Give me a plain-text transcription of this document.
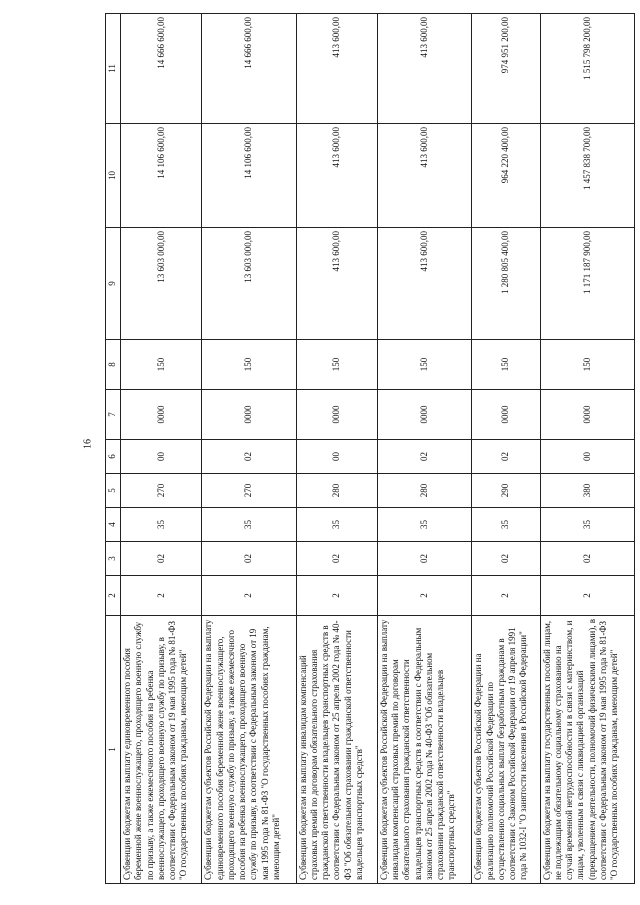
16
1	2	3	4	5	6	7	8	9	10	11
Субвенции бюджетам на выплату единовременного пособия беременной жене военнослужащего, проходящего военную службу по призыву, а также ежемесячного пособия на ребенка военнослужащего, проходящего военную службу по призыву, в соответствии с Федеральным законом от 19 мая 1995 года № 81-ФЗ "О государственных пособиях гражданам, имеющим детей"	2	02	35	270	00	0000	150	13 603 000,00	14 106 600,00	14 666 600,00
Субвенции бюджетам субъектов Российской Федерации на выплату единовременного пособия беременной жене военнослужащего, проходящего военную службу по призыву, а также ежемесячного пособия на ребенка военнослужащего, проходящего военную службу по призыву, в соответствии с Федеральным законом от 19 мая 1995 года № 81-ФЗ "О государственных пособиях гражданам, имеющим детей"	2	02	35	270	02	0000	150	13 603 000,00	14 106 600,00	14 666 600,00
Субвенции бюджетам на выплату инвалидам компенсаций страховых премий по договорам обязательного страхования гражданской ответственности владельцев транспортных средств в соответствии с Федеральным законом от 25 апреля 2002 года № 40-ФЗ "Об обязательном страховании гражданской ответственности владельцев транспортных средств"	2	02	35	280	00	0000	150	413 600,00	413 600,00	413 600,00
Субвенции бюджетам субъектов Российской Федерации на выплату инвалидам компенсаций страховых премий по договорам обязательного страхования гражданской ответственности владельцев транспортных средств в соответствии с Федеральным законом от 25 апреля 2002 года № 40-ФЗ "Об обязательном страховании гражданской ответственности владельцев транспортных средств"	2	02	35	280	02	0000	150	413 600,00	413 600,00	413 600,00
Субвенции бюджетам субъектов Российской Федерации на реализацию полномочий Российской Федерации по осуществлению социальных выплат безработным гражданам в соответствии с Законом Российской Федерации от 19 апреля 1991 года № 1032-I "О занятости населения в Российской Федерации"	2	02	35	290	02	0000	150	1 280 805 400,00	964 220 400,00	974 951 200,00
Субвенции бюджетам на выплату государственных пособий лицам, не подлежащим обязательному социальному страхованию на случай временной нетрудоспособности и в связи с материнством, и лицам, уволенным в связи с ликвидацией организаций (прекращением деятельности, полномочий физическими лицами), в соответствии с Федеральным законом от 19 мая 1995 года № 81-ФЗ "О государственных пособиях гражданам, имеющим детей"	2	02	35	380	00	0000	150	1 171 187 900,00	1 457 838 700,00	1 515 798 200,00
